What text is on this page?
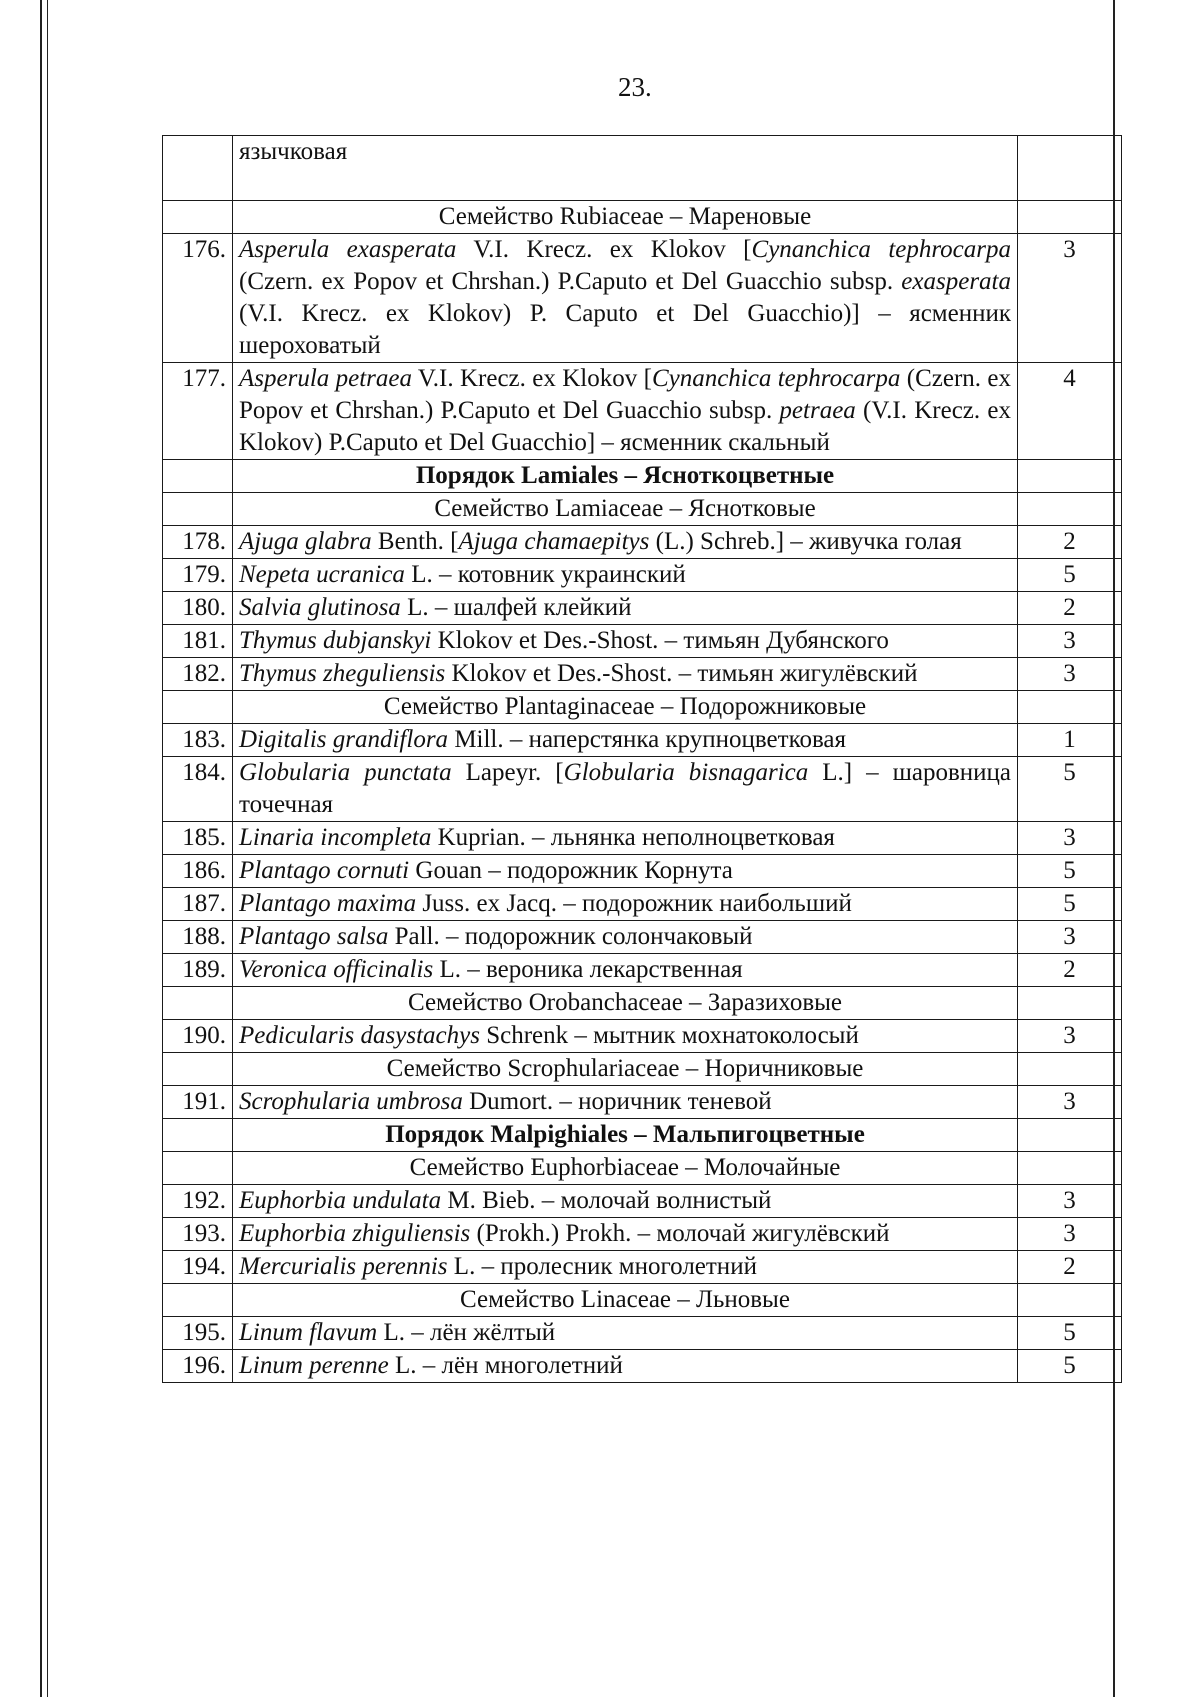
23.
	язычковая	
	Семейство Rubiaceae – Мареновые	
176.	Asperula exasperata V.I. Krecz. ex Klokov [Cynanchica tephrocarpa (Czern. ex Popov et Chrshan.) P.Caputo et Del Guacchio subsp. exasperata (V.I. Krecz. ex Klokov) P. Caputo et Del Guacchio)] – ясменник шероховатый	3
177.	Asperula petraea V.I. Krecz. ex Klokov [Cynanchica tephrocarpa (Czern. ex Popov et Chrshan.) P.Caputo et Del Guacchio subsp. petraea (V.I. Krecz. ex Klokov) P.Caputo et Del Guacchio] – ясменник скальный	4
	Порядок Lamiales – Ясноткоцветные	
	Семейство Lamiaceae – Яснотковые	
178.	Ajuga glabra Benth. [Ajuga chamaepitys (L.) Schreb.] – живучка голая	2
179.	Nepeta ucranica L. – котовник украинский	5
180.	Salvia glutinosa L. – шалфей клейкий	2
181.	Thymus dubjanskyi Klokov et Des.-Shost. – тимьян Дубянского	3
182.	Thymus zheguliensis Klokov et Des.-Shost. – тимьян жигулёвский	3
	Семейство Plantaginaceae – Подорожниковые	
183.	Digitalis grandiflora Mill. – наперстянка крупноцветковая	1
184.	Globularia punctata Lapeyr. [Globularia bisnagarica L.] – шаровница точечная	5
185.	Linaria incompleta Kuprian. – льнянка неполноцветковая	3
186.	Plantago cornuti Gouan – подорожник Корнута	5
187.	Plantago maxima Juss. ex Jacq. – подорожник наибольший	5
188.	Plantago salsa Pall. – подорожник солончаковый	3
189.	Veronica officinalis L. – вероника лекарственная	2
	Семейство Orobanchaceae – Заразиховые	
190.	Pedicularis dasystachys Schrenk – мытник мохнатоколосый	3
	Семейство Scrophulariaceae – Норичниковые	
191.	Scrophularia umbrosa Dumort. – норичник теневой	3
	Порядок Malpighiales – Мальпигоцветные	
	Семейство Euphorbiaceae – Молочайные	
192.	Euphorbia undulata M. Bieb. – молочай волнистый	3
193.	Euphorbia zhiguliensis (Prokh.) Prokh. – молочай жигулёвский	3
194.	Mercurialis perennis L. – пролесник многолетний	2
	Семейство Linaceae – Льновые	
195.	Linum flavum L. – лён жёлтый	5
196.	Linum perenne L. – лён многолетний	5
